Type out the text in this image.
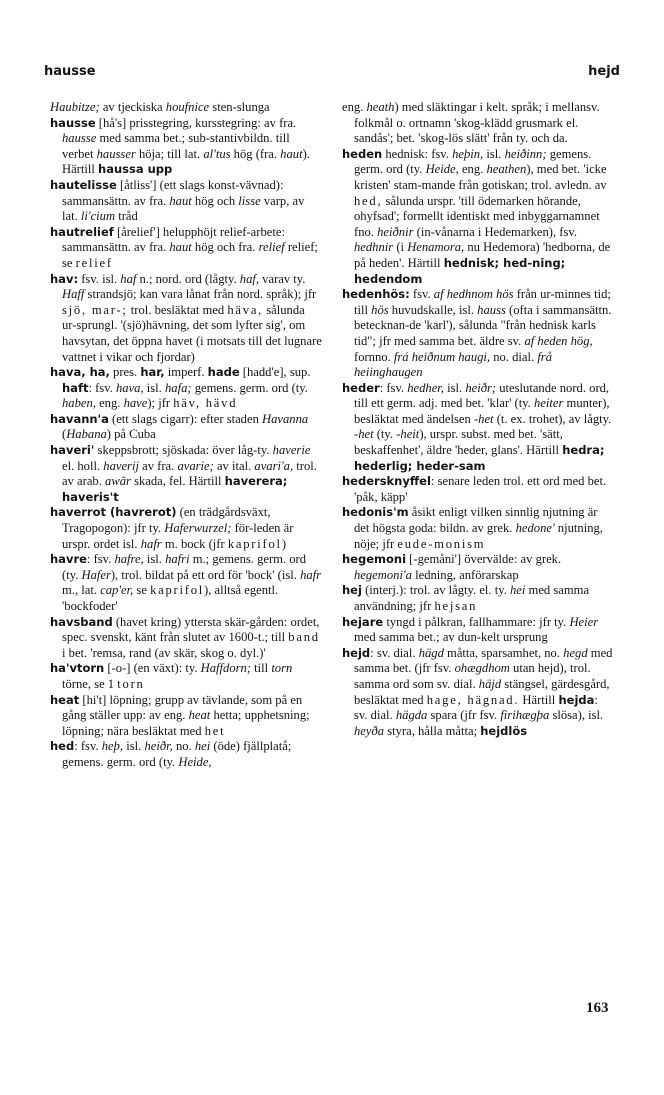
hausse	hejd

Haubitze; av tjeckiska houfnice sten-slunga

hausse [hå's] prisstegring, kursstegring: av fra. hausse med samma bet.; sub-stantivbildn. till verbet hausser höja; till lat. al'tus hög (fra. haut). Härtill haussa upp

hautelisse [åtliss'] (ett slags konst-vävnad): sammansättn. av fra. haut hög och lisse varp, av lat. li'cium tråd

hautrelief [årelief'] helupphöjt relief-arbete: sammansättn. av fra. haut hög och fra. relief relief; se relief

hav: fsv. isl. haf n.; nord. ord (lågty. haf, varav ty. Haff strandsjö; kan vara lånat från nord. språk); jfr sjö, mar-; trol. besläktat med häva, sålunda ur-sprungl. '(sjö)hävning, det som lyfter sig', om havsytan, det öppna havet (i motsats till det lugnare vattnet i vikar och fjordar)

hava, ha, pres. har, imperf. hade [hadd'e], sup. haft: fsv. hava, isl. hafa; gemens. germ. ord (ty. haben, eng. have); jfr häv, hävd

havann'a (ett slags cigarr): efter staden Havanna (Habana) på Cuba

haveri' skeppsbrott; sjöskada: över låg-ty. haverie el. holl. haverij av fra. avarie; av ital. avari'a, trol. av arab. awâr skada, fel. Härtill haverera; haveris't

haverrot (havrerot) (en trädgårdsväxt, Tragopogon): jfr ty. Haferwurzel; för-leden är urspr. ordet isl. hafr m. bock (jfr kaprifol)

havre: fsv. hafre, isl. hafri m.; gemens. germ. ord (ty. Hafer), trol. bildat på ett ord för 'bock' (isl. hafr m., lat. cap'er, se kaprifol), alltså egentl. 'bockfoder'

havsband (havet kring) yttersta skär-gården: ordet, spec. svenskt, känt från slutet av 1600-t.; till band i bet. 'remsa, rand (av skär, skog o. dyl.)'

ha'vtorn [-o-] (en växt): ty. Haffdorn; till torn törne, se 1 torn

heat [hi't] löpning; grupp av tävlande, som på en gång ställer upp: av eng. heat hetta; upphetsning; löpning; nära besläktat med het

hed: fsv. heþ, isl. heiðr, no. hei (öde) fjällplatå; gemens. germ. ord (ty. Heide,

eng. heath) med släktingar i kelt. språk; i mellansv. folkmål o. ortnamn 'skog-klädd grusmark el. sandås'; bet. 'skog-lös slätt' från ty. och da.

heden hednisk: fsv. heþin, isl. heiðinn; gemens. germ. ord (ty. Heide, eng. heathen), med bet. 'icke kristen' stam-mande från gotiskan; trol. avledn. av hed, sålunda urspr. 'till ödemarken hörande, ohyfsad'; formellt identiskt med inbyggarnamnet fno. heiðnir (in-vånarna i Hedemarken), fsv. hedhnir (i Henamora, nu Hedemora) 'hedborna, de på heden'. Härtill hednisk; hed-ning; hedendom

hedenhös: fsv. af hedhnom hös från ur-minnes tid; till hös huvudskalle, isl. hauss (ofta i sammansättn. betecknan-de 'karl'), sålunda "från hednisk karls tid"; jfr med samma bet. äldre sv. af heden hög, fornno. frá heiðnum haugi, no. dial. frå heiinghaugen

heder: fsv. hedher, isl. heiðr; uteslutande nord. ord, till ett germ. adj. med bet. 'klar' (ty. heiter munter), besläktat med ändelsen -het (t. ex. trohet), av lågty. -het (ty. -heit), urspr. subst. med bet. 'sätt, beskaffenhet', äldre 'heder, glans'. Härtill hedra; hederlig; heder-sam

hedersknyffel: senare leden trol. ett ord med bet. 'påk, käpp'

hedonis'm åsikt enligt vilken sinnlig njutning är det högsta goda: bildn. av grek. hedone' njutning, nöje; jfr eude-monism

hegemoni [-gemåni'] övervälde: av grek. hegemoni'a ledning, anförarskap

hej (interj.): trol. av lågty. el. ty. hei med samma användning; jfr hejsan

hejare tyngd i pålkran, fallhammare: jfr ty. Heier med samma bet.; av dun-kelt ursprung

hejd: sv. dial. hägd måtta, sparsamhet, no. hegd med samma bet. (jfr fsv. ohægdhom utan hejd), trol. samma ord som sv. dial. häjd stängsel, gärdesgård, besläktat med hage, hägnad. Härtill hejda: sv. dial. hägda spara (jfr fsv. firihægþa slösa), isl. heyða styra, hålla måtta; hejdlös

163
